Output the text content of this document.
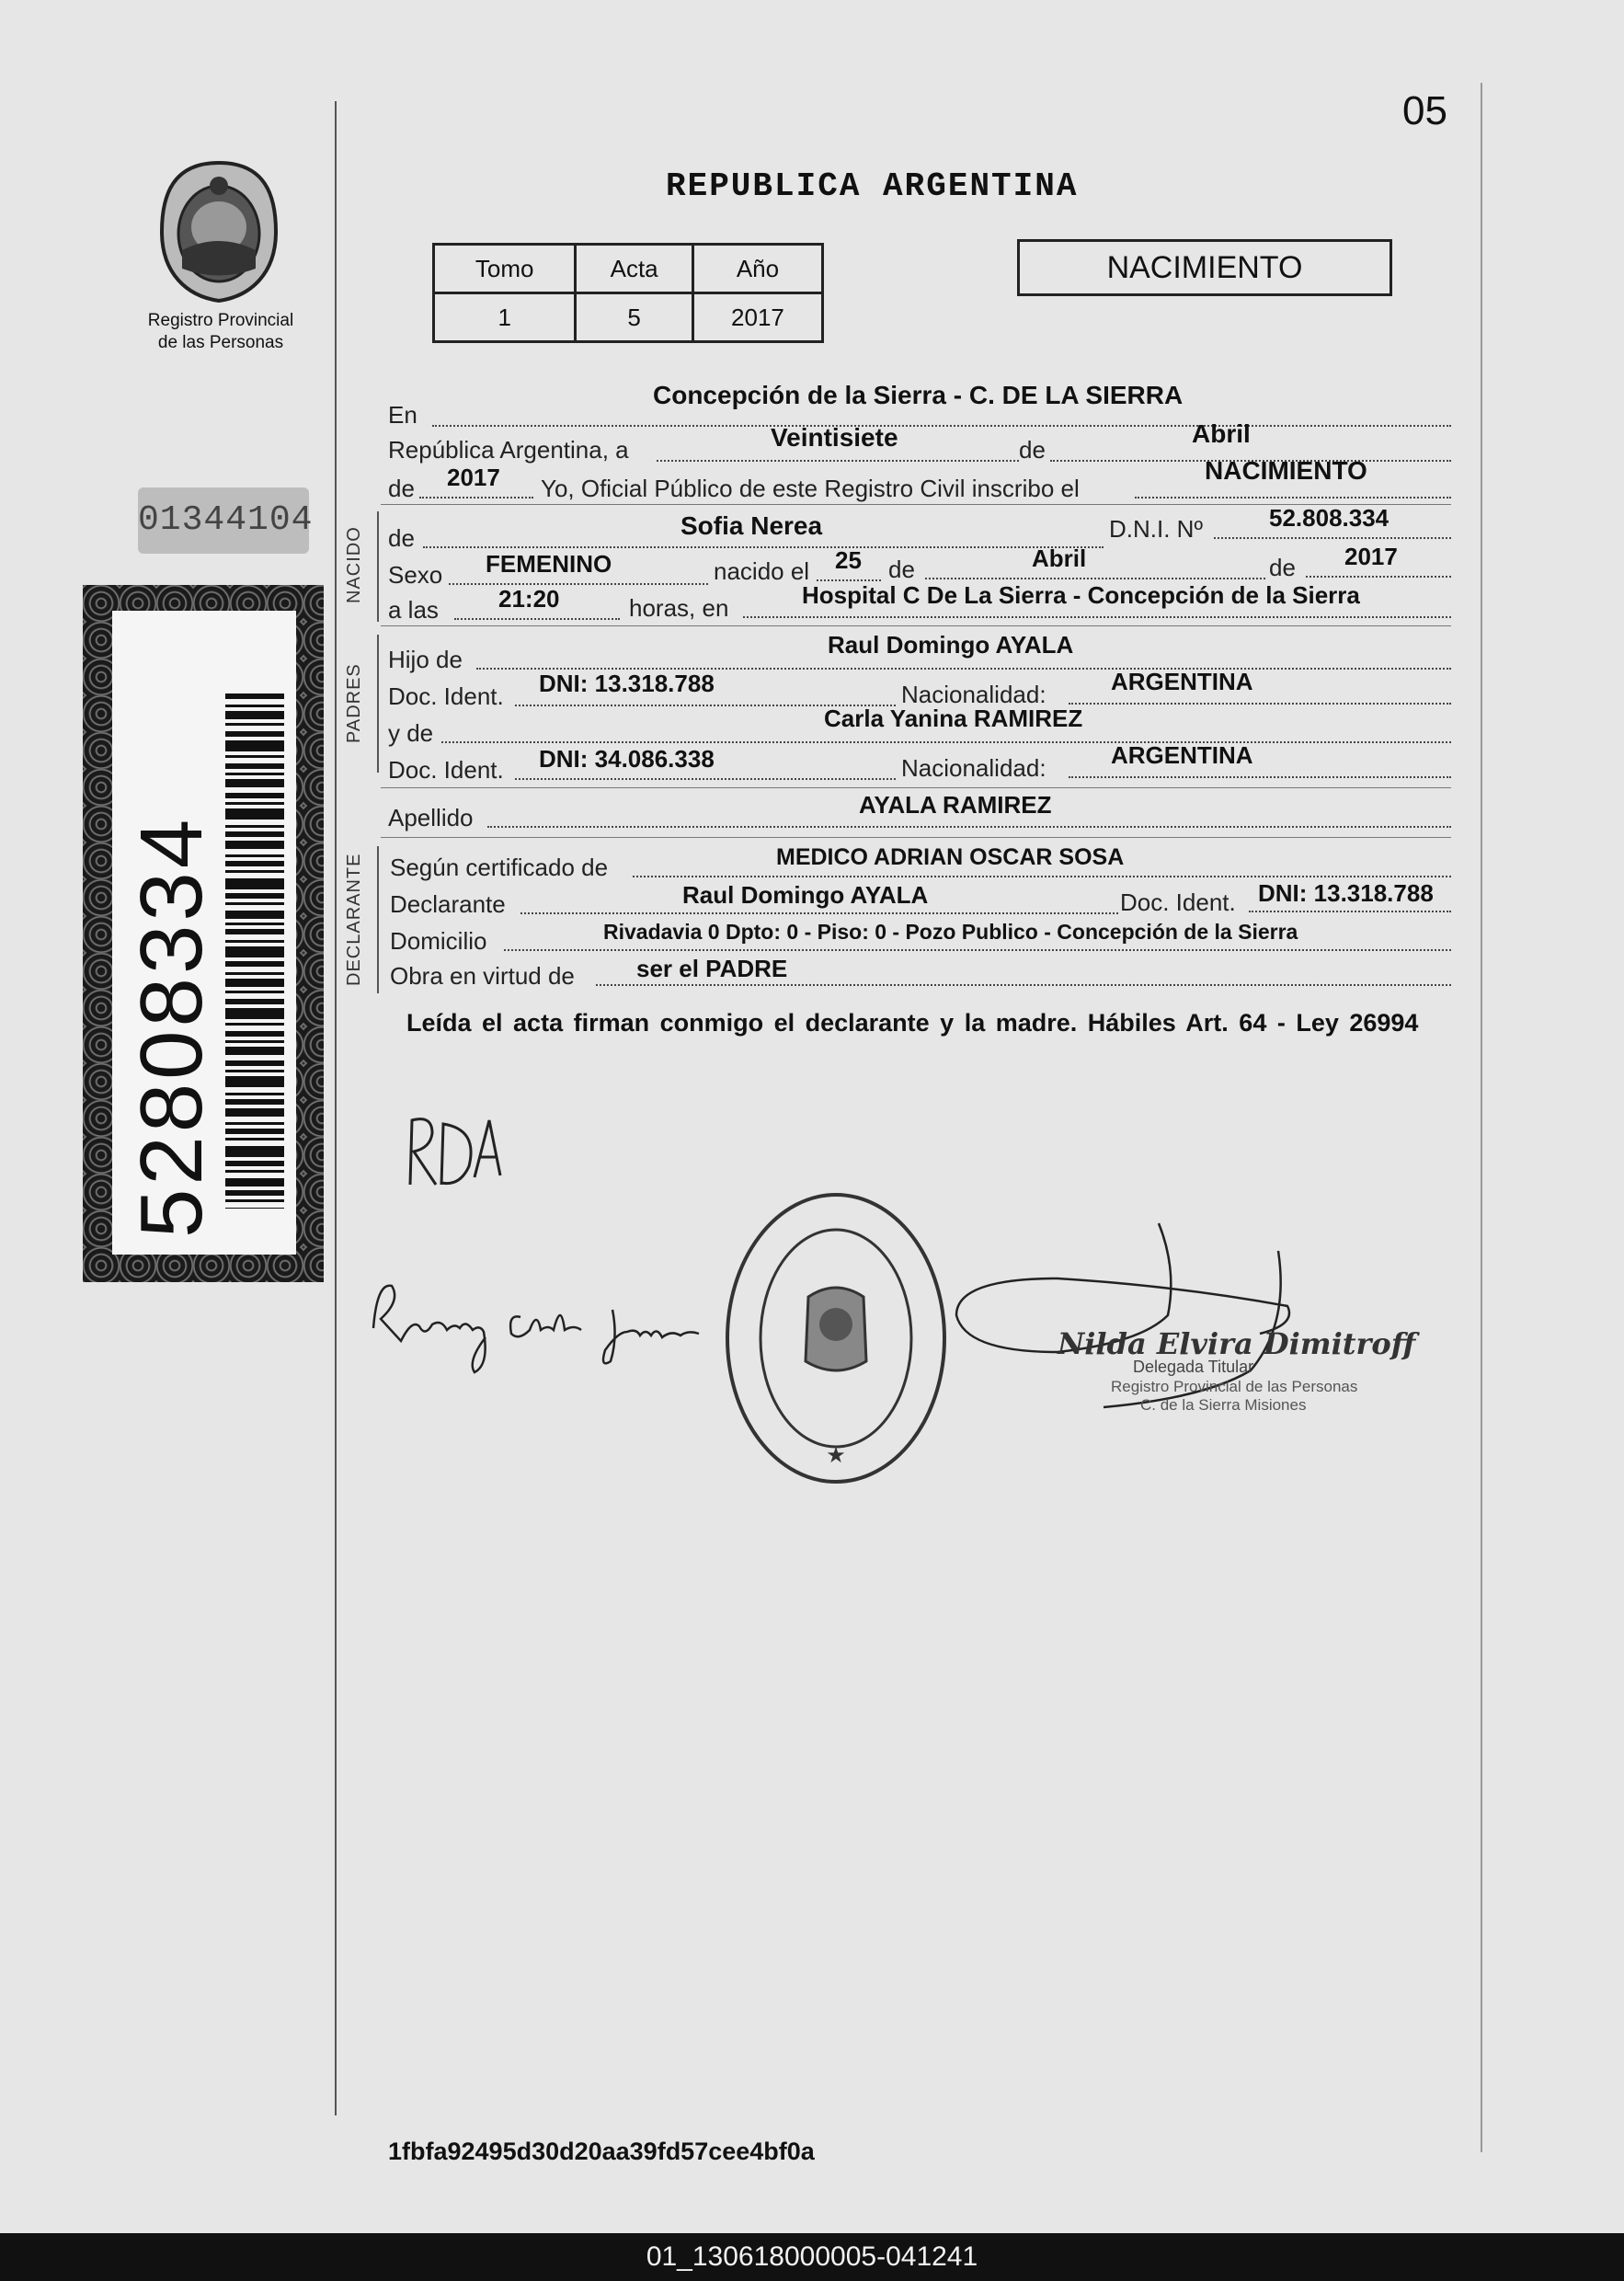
05
Registro Provincial
de las Personas
01344104
52808334
REPUBLICA ARGENTINA
Tomo	Acta	Año
1	5	2017
NACIMIENTO
En
Concepción de la Sierra - C. DE LA SIERRA
República Argentina, a	Veintisiete	de
Abril
de 2017 Yo, Oficial Público de este Registro Civil inscribo el
NACIMIENTO
NACIDO de	Sofia Nerea	D.N.I. Nº	52.808.334
Sexo FEMENINO	nacido el 25 de	Abril	de 2017
a las	21:20	horas, en	Hospital C De La Sierra - Concepción de la Sierra
PADRES
Hijo de
Raul Domingo AYALA
Doc. Ident. DNI: 13.318.788	Nacionalidad:	ARGENTINA
y de
Carla Yanina RAMIREZ
Doc. Ident. DNI: 34.086.338	Nacionalidad:	ARGENTINA
Apellido	AYALA RAMIREZ
DECLARANTE Según certificado de	MEDICO ADRIAN OSCAR SOSA
Declarante	Raul Domingo AYALA	Doc. Ident. DNI: 13.318.788
Domicilio	Rivadavia 0 Dpto: 0 - Piso: 0 - Pozo Publico - Concepción de la Sierra
Obra en virtud de	ser el PADRE
Leída el acta firman conmigo el declarante y la madre. Hábiles Art. 64 - Ley 26994
★
Nilda Elvira Dimitroff
Delegada Titular
Registro Provincial de las Personas
C. de la Sierra Misiones
1fbfa92495d30d20aa39fd57cee4bf0a
01_130618000005-041241
